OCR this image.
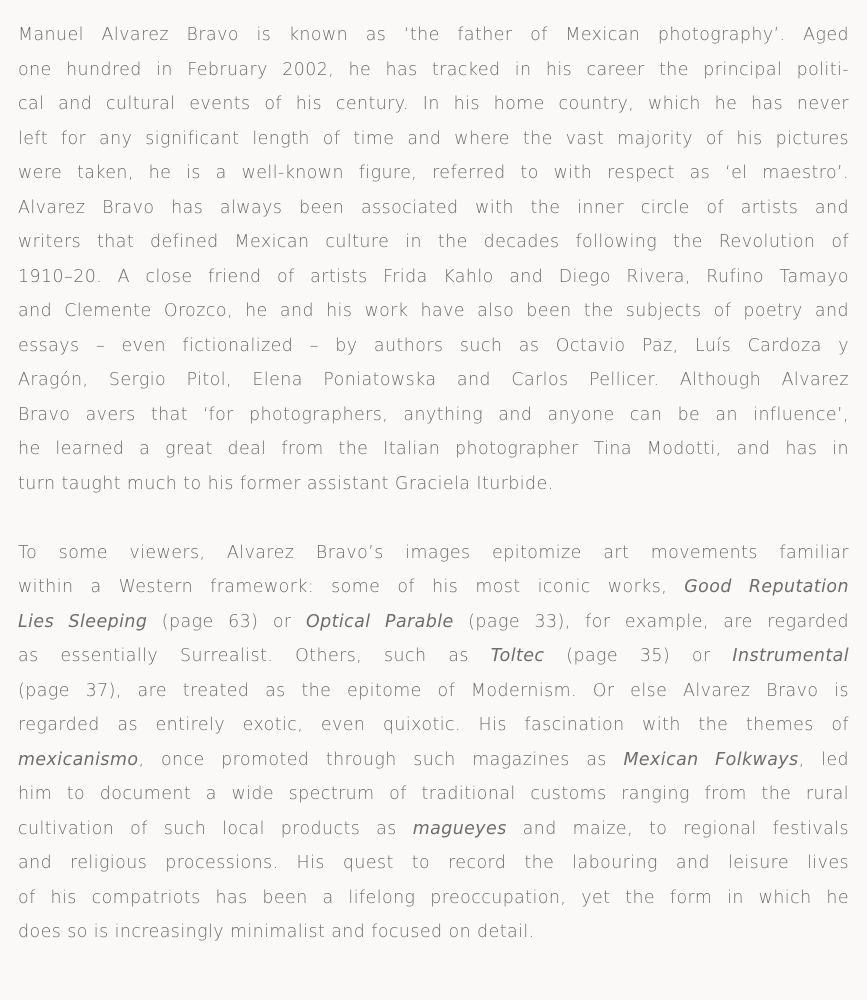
Manuel Alvarez Bravo is known as ‘the father of Mexican photography’. Aged
one hundred in February 2002, he has tracked in his career the principal politi-
cal and cultural events of his century. In his home country, which he has never
left for any significant length of time and where the vast majority of his pictures
were taken, he is a well-known figure, referred to with respect as ‘el maestro’.
Alvarez Bravo has always been associated with the inner circle of artists and
writers that defined Mexican culture in the decades following the Revolution of
1910–20. A close friend of artists Frida Kahlo and Diego Rivera, Rufino Tamayo
and Clemente Orozco, he and his work have also been the subjects of poetry and
essays – even fictionalized – by authors such as Octavio Paz, Luís Cardoza y
Aragón, Sergio Pitol, Elena Poniatowska and Carlos Pellicer. Although Alvarez
Bravo avers that ‘for photographers, anything and anyone can be an influence’,
he learned a great deal from the Italian photographer Tina Modotti, and has in
turn taught much to his former assistant Graciela Iturbide.
To some viewers, Alvarez Bravo’s images epitomize art movements familiar
within a Western framework: some of his most iconic works, Good Reputation
Lies Sleeping (page 63) or Optical Parable (page 33), for example, are regarded
as essentially Surrealist. Others, such as Toltec (page 35) or Instrumental
(page 37), are treated as the epitome of Modernism. Or else Alvarez Bravo is
regarded as entirely exotic, even quixotic. His fascination with the themes of
mexicanismo, once promoted through such magazines as Mexican Folkways, led
him to document a wide spectrum of traditional customs ranging from the rural
cultivation of such local products as magueyes and maize, to regional festivals
and religious processions. His quest to record the labouring and leisure lives
of his compatriots has been a lifelong preoccupation, yet the form in which he
does so is increasingly minimalist and focused on detail.
